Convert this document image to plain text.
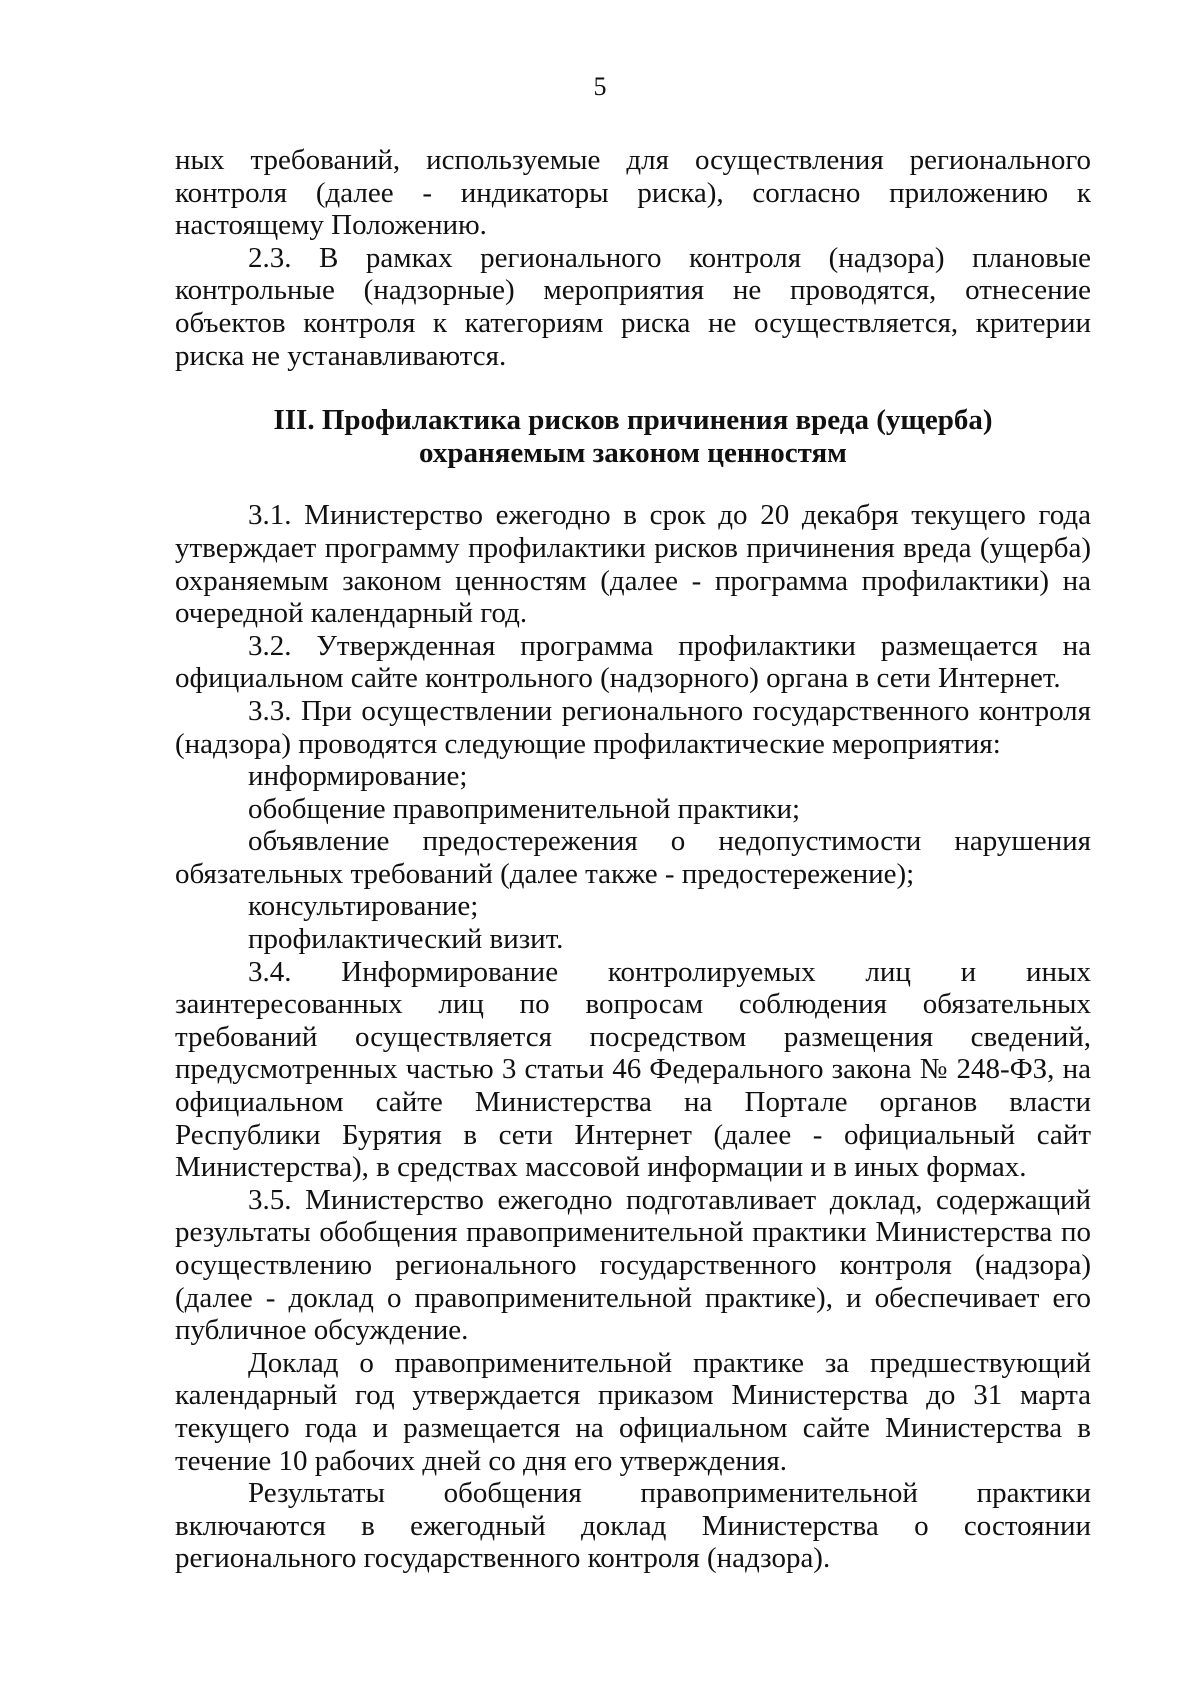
5

ных требований, используемые для осуществления регионального контроля (далее - индикаторы риска), согласно приложению к настоящему Положению.

2.3. В рамках регионального контроля (надзора) плановые контрольные (надзорные) мероприятия не проводятся, отнесение объектов контроля к категориям риска не осуществляется, критерии риска не устанавливаются.

III. Профилактика рисков причинения вреда (ущерба)
охраняемым законом ценностям

3.1. Министерство ежегодно в срок до 20 декабря текущего года утверждает программу профилактики рисков причинения вреда (ущерба) охраняемым законом ценностям (далее - программа профилактики) на очередной календарный год.

3.2. Утвержденная программа профилактики размещается на официальном сайте контрольного (надзорного) органа в сети Интернет.

3.3. При осуществлении регионального государственного контроля (надзора) проводятся следующие профилактические мероприятия:

информирование;

обобщение правоприменительной практики;

объявление предостережения о недопустимости нарушения обязательных требований (далее также - предостережение);

консультирование;

профилактический визит.

3.4. Информирование контролируемых лиц и иных заинтересованных лиц по вопросам соблюдения обязательных требований осуществляется посредством размещения сведений, предусмотренных частью 3 статьи 46 Федерального закона № 248-ФЗ, на официальном сайте Министерства на Портале органов власти Республики Бурятия в сети Интернет (далее - официальный сайт Министерства), в средствах массовой информации и в иных формах.

3.5. Министерство ежегодно подготавливает доклад, содержащий результаты обобщения правоприменительной практики Министерства по осуществлению регионального государственного контроля (надзора) (далее - доклад о правоприменительной практике), и обеспечивает его публичное обсуждение.

Доклад о правоприменительной практике за предшествующий календарный год утверждается приказом Министерства до 31 марта текущего года и размещается на официальном сайте Министерства в течение 10 рабочих дней со дня его утверждения.

Результаты обобщения правоприменительной практики включаются в ежегодный доклад Министерства о состоянии регионального государственного контроля (надзора).
